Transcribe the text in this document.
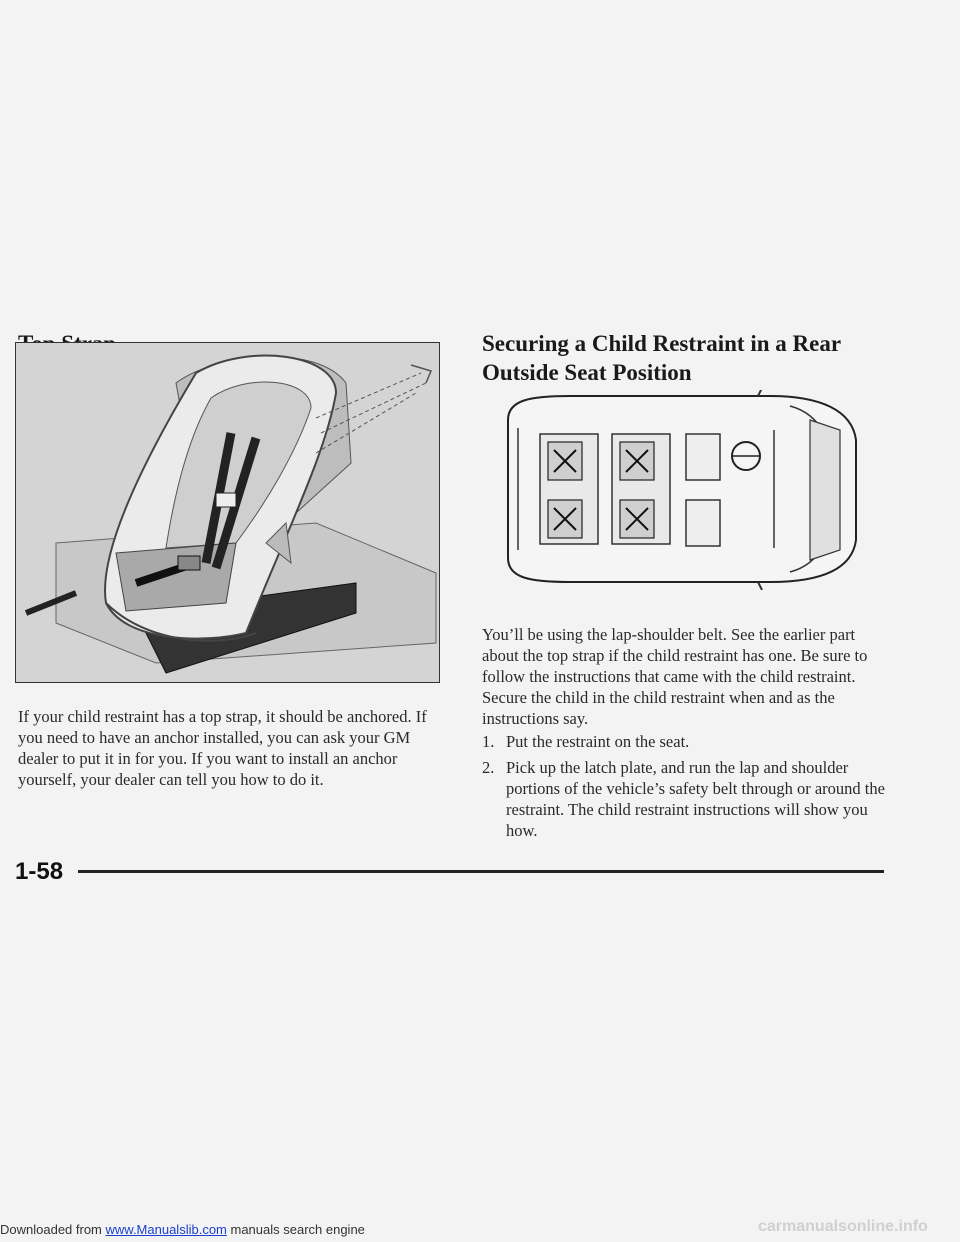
If your child restraint has a top strap, it should be anchored. If you need to have an anchor installed, you can ask your GM dealer to put it in for you. If you want to install an anchor yourself, your dealer can tell you how to do it.

Securing a Child Restraint in a Rear
Outside Seat Position

You’ll be using the lap-shoulder belt. See the earlier part about the top strap if the child restraint has one. Be sure to follow the instructions that came with the child restraint. Secure the child in the child restraint when and as the instructions say.

1. Put the restraint on the seat.
2. Pick up the latch plate, and run the lap and shoulder portions of the vehicle’s safety belt through or around the restraint. The child restraint instructions will show you how.
1-58
Downloaded from www.Manualslib.com manuals search engine	carmanualsonline.info
